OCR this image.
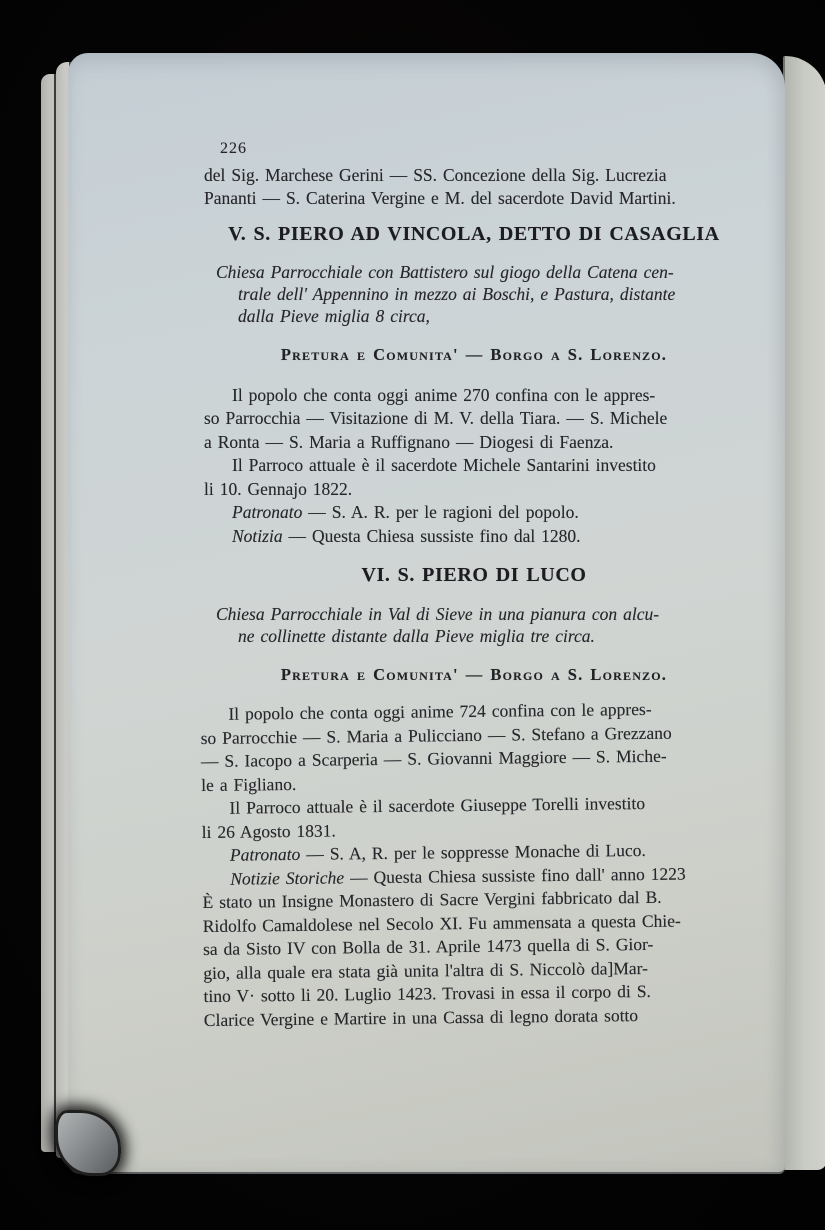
226
del Sig. Marchese Gerini — SS. Concezione della Sig. Lucrezia
Pananti — S. Caterina Vergine e M. del sacerdote David Martini.
V. S. PIERO AD VINCOLA, DETTO DI CASAGLIA
Chiesa Parrocchiale con Battistero sul giogo della Catena cen-
trale dell' Appennino in mezzo ai Boschi, e Pastura, distante
dalla Pieve miglia 8 circa,
Pretura e Comunita' — Borgo a S. Lorenzo.
Il popolo che conta oggi anime 270 confina con le appres-
so Parrocchia — Visitazione di M. V. della Tiara. — S. Michele
a Ronta — S. Maria a Ruffignano — Diogesi di Faenza.
Il Parroco attuale è il sacerdote Michele Santarini investito
li 10. Gennajo 1822.
Patronato — S. A. R. per le ragioni del popolo.
Notizia — Questa Chiesa sussiste fino dal 1280.
VI. S. PIERO DI LUCO
Chiesa Parrocchiale in Val di Sieve in una pianura con alcu-
ne collinette distante dalla Pieve miglia tre circa.
Pretura e Comunita' — Borgo a S. Lorenzo.
Il popolo che conta oggi anime 724 confina con le appres-
so Parrocchie — S. Maria a Pulicciano — S. Stefano a Grezzano
— S. Iacopo a Scarperia — S. Giovanni Maggiore — S. Miche-
le a Figliano.
Il Parroco attuale è il sacerdote Giuseppe Torelli investito
li 26 Agosto 1831.
Patronato — S. A, R. per le soppresse Monache di Luco.
Notizie Storiche — Questa Chiesa sussiste fino dall' anno 1223
È stato un Insigne Monastero di Sacre Vergini fabbricato dal B.
Ridolfo Camaldolese nel Secolo XI. Fu ammensata a questa Chie-
sa da Sisto IV con Bolla de 31. Aprile 1473 quella di S. Gior-
gio, alla quale era stata già unita l'altra di S. Niccolò da]Mar-
tino V· sotto li 20. Luglio 1423. Trovasi in essa il corpo di S.
Clarice Vergine e Martire in una Cassa di legno dorata sotto
